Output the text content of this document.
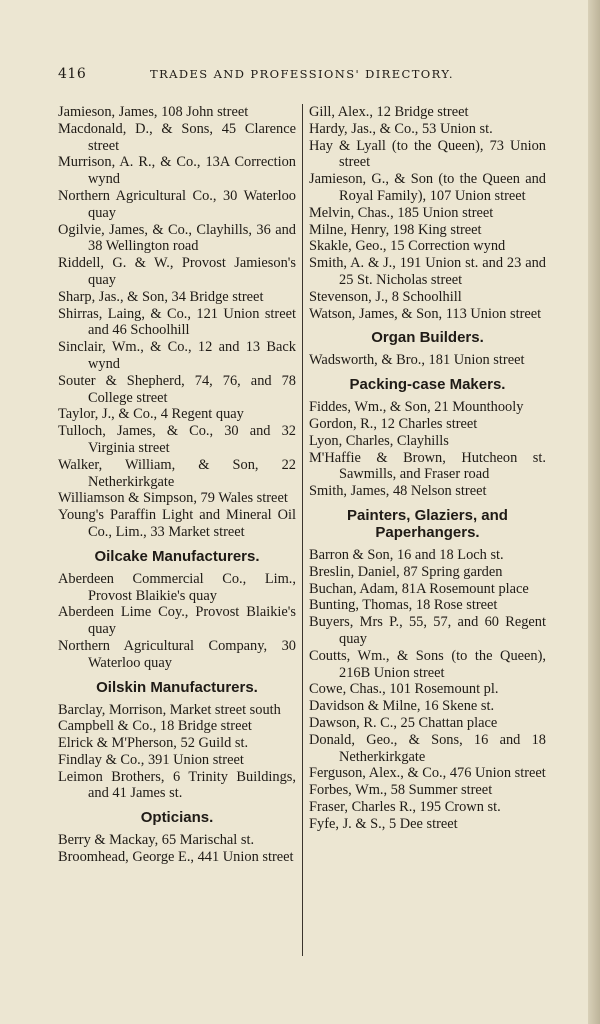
416	TRADES AND PROFESSIONS' DIRECTORY.

Jamieson, James, 108 John street

Macdonald, D., & Sons, 45 Clarence street

Murrison, A. R., & Co., 13A Correction wynd

Northern Agricultural Co., 30 Waterloo quay

Ogilvie, James, & Co., Clayhills, 36 and 38 Wellington road

Riddell, G. & W., Provost Jamieson's quay

Sharp, Jas., & Son, 34 Bridge street

Shirras, Laing, & Co., 121 Union street and 46 Schoolhill

Sinclair, Wm., & Co., 12 and 13 Back wynd

Souter & Shepherd, 74, 76, and 78 College street

Taylor, J., & Co., 4 Regent quay

Tulloch, James, & Co., 30 and 32 Virginia street

Walker, William, & Son, 22 Netherkirkgate

Williamson & Simpson, 79 Wales street

Young's Paraffin Light and Mineral Oil Co., Lim., 33 Market street

Oilcake Manufacturers.

Aberdeen Commercial Co., Lim., Provost Blaikie's quay

Aberdeen Lime Coy., Provost Blaikie's quay

Northern Agricultural Company, 30 Waterloo quay

Oilskin Manufacturers.

Barclay, Morrison, Market street south

Campbell & Co., 18 Bridge street

Elrick & M'Pherson, 52 Guild st.

Findlay & Co., 391 Union street

Leimon Brothers, 6 Trinity Buildings, and 41 James st.

Opticians.

Berry & Mackay, 65 Marischal st.

Broomhead, George E., 441 Union street

Gill, Alex., 12 Bridge street

Hardy, Jas., & Co., 53 Union st.

Hay & Lyall (to the Queen), 73 Union street

Jamieson, G., & Son (to the Queen and Royal Family), 107 Union street

Melvin, Chas., 185 Union street

Milne, Henry, 198 King street

Skakle, Geo., 15 Correction wynd

Smith, A. & J., 191 Union st. and 23 and 25 St. Nicholas street

Stevenson, J., 8 Schoolhill

Watson, James, & Son, 113 Union street

Organ Builders.

Wadsworth, & Bro., 181 Union street

Packing-case Makers.

Fiddes, Wm., & Son, 21 Mounthooly

Gordon, R., 12 Charles street

Lyon, Charles, Clayhills

M'Haffie & Brown, Hutcheon st. Sawmills, and Fraser road

Smith, James, 48 Nelson street

Painters, Glaziers, and Paperhangers.

Barron & Son, 16 and 18 Loch st.

Breslin, Daniel, 87 Spring garden

Buchan, Adam, 81A Rosemount place

Bunting, Thomas, 18 Rose street

Buyers, Mrs P., 55, 57, and 60 Regent quay

Coutts, Wm., & Sons (to the Queen), 216B Union street

Cowe, Chas., 101 Rosemount pl.

Davidson & Milne, 16 Skene st.

Dawson, R. C., 25 Chattan place

Donald, Geo., & Sons, 16 and 18 Netherkirkgate

Ferguson, Alex., & Co., 476 Union street

Forbes, Wm., 58 Summer street

Fraser, Charles R., 195 Crown st.

Fyfe, J. & S., 5 Dee street
